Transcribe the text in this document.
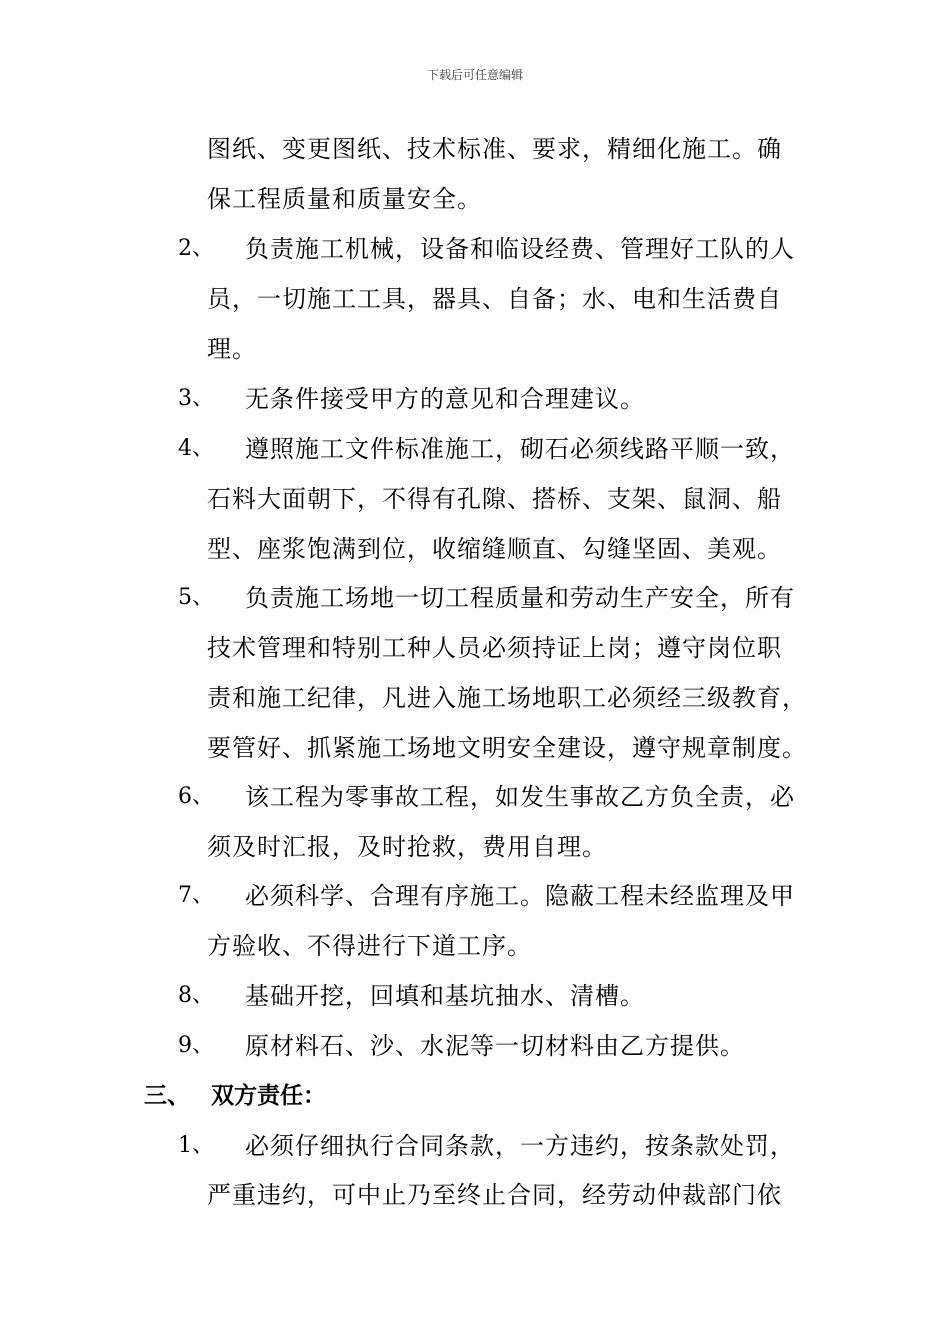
下载后可任意编辑
图纸、变更图纸、技术标准、要求，精细化施工。确
保工程质量和质量安全。
2、 负责施工机械，设备和临设经费、管理好工队的人
员，一切施工工具，器具、自备；水、电和生活费自
理。
3、 无条件接受甲方的意见和合理建议。
4、 遵照施工文件标准施工，砌石必须线路平顺一致，
石料大面朝下，不得有孔隙、搭桥、支架、鼠洞、船
型、座浆饱满到位，收缩缝顺直、勾缝坚固、美观。
5、 负责施工场地一切工程质量和劳动生产安全，所有
技术管理和特别工种人员必须持证上岗；遵守岗位职
责和施工纪律，凡进入施工场地职工必须经三级教育，
要管好、抓紧施工场地文明安全建设，遵守规章制度。
6、 该工程为零事故工程，如发生事故乙方负全责，必
须及时汇报，及时抢救，费用自理。
7、 必须科学、合理有序施工。隐蔽工程未经监理及甲
方验收、不得进行下道工序。
8、 基础开挖，回填和基坑抽水、清槽。
9、 原材料石、沙、水泥等一切材料由乙方提供。
三、 双方责任：
1、 必须仔细执行合同条款，一方违约，按条款处罚，
严重违约，可中止乃至终止合同，经劳动仲裁部门依
